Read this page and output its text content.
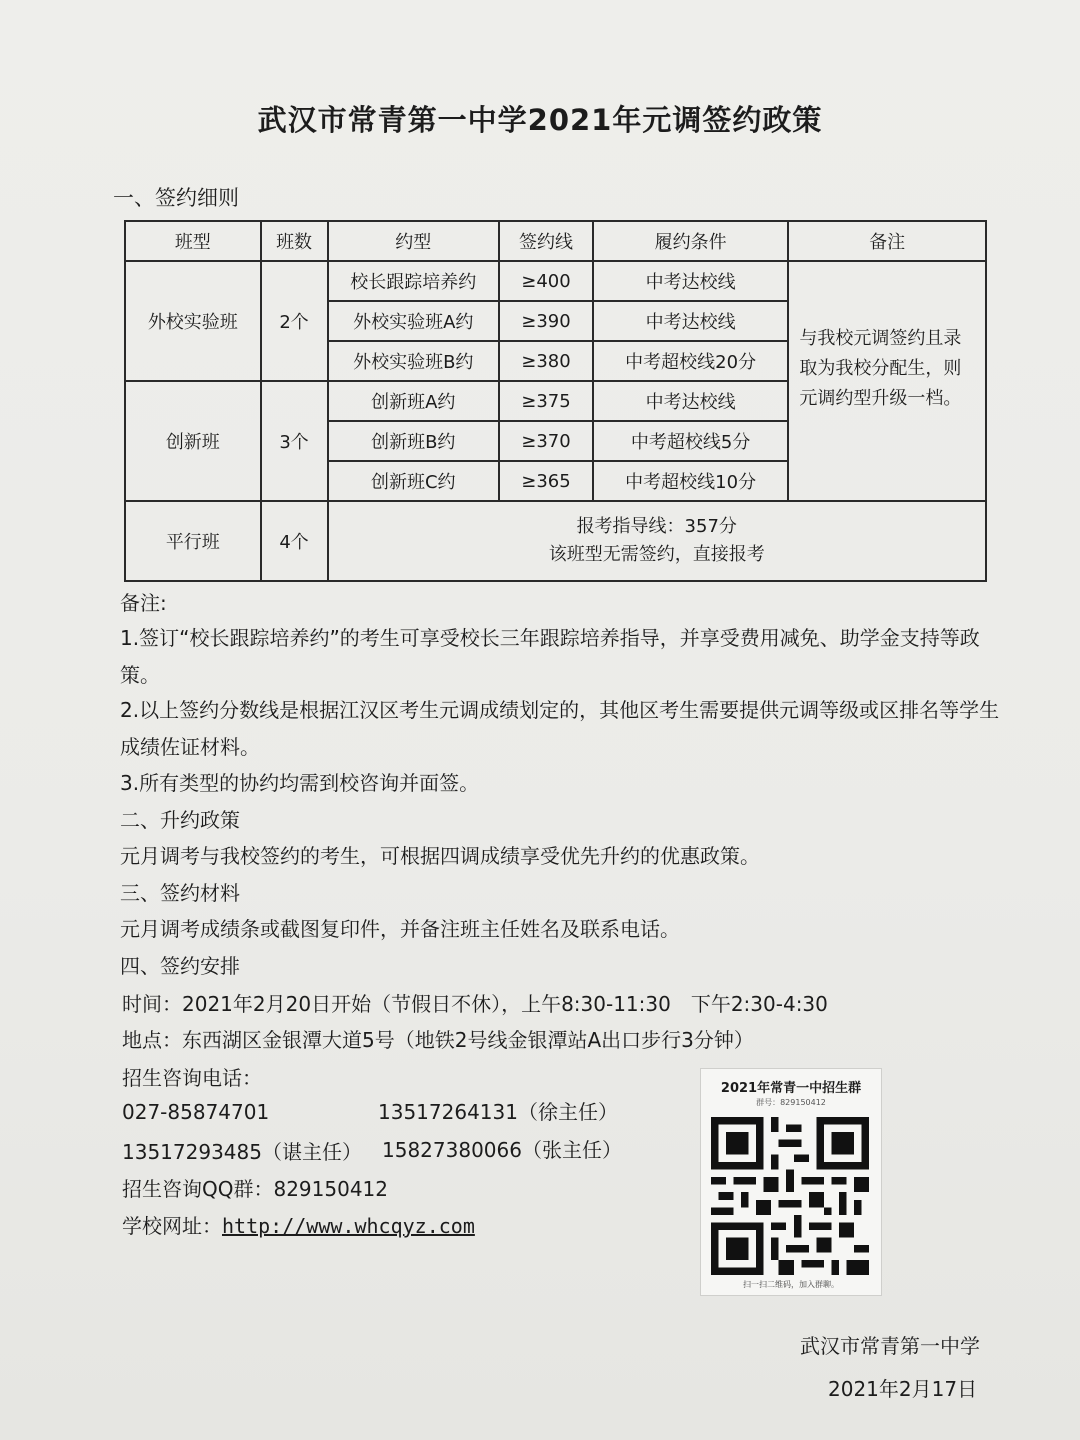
武汉市常青第一中学2021年元调签约政策
一、签约细则
班型	班数	约型	签约线	履约条件	备注
外校实验班	2个	校长跟踪培养约	≥400	中考达校线	与我校元调签约且录取为我校分配生，则元调约型升级一档。
		外校实验班A约	≥390	中考达校线	
		外校实验班B约	≥380	中考超校线20分	
创新班	3个	创新班A约	≥375	中考达校线	
		创新班B约	≥370	中考超校线5分	
		创新班C约	≥365	中考超校线10分	
平行班	4个	报考指导线：357分
该班型无需签约，直接报考			
备注:
1.签订“校长跟踪培养约”的考生可享受校长三年跟踪培养指导，并享受费用减免、助学金支持等政策。
2.以上签约分数线是根据江汉区考生元调成绩划定的，其他区考生需要提供元调等级或区排名等学生成绩佐证材料。
3.所有类型的协约均需到校咨询并面签。
二、升约政策
元月调考与我校签约的考生，可根据四调成绩享受优先升约的优惠政策。
三、签约材料
元月调考成绩条或截图复印件，并备注班主任姓名及联系电话。
四、签约安排
时间：2021年2月20日开始（节假日不休），上午8:30-11:30　下午2:30-4:30
地点：东西湖区金银潭大道5号（地铁2号线金银潭站A出口步行3分钟）
招生咨询电话：
027-85874701	13517264131（徐主任）
13517293485（谌主任） 15827380066（张主任）
招生咨询QQ群：829150412
学校网址：http://www.whcqyz.com
2021年常青一中招生群
群号：829150412
扫一扫二维码，加入群聊。
武汉市常青第一中学
2021年2月17日
